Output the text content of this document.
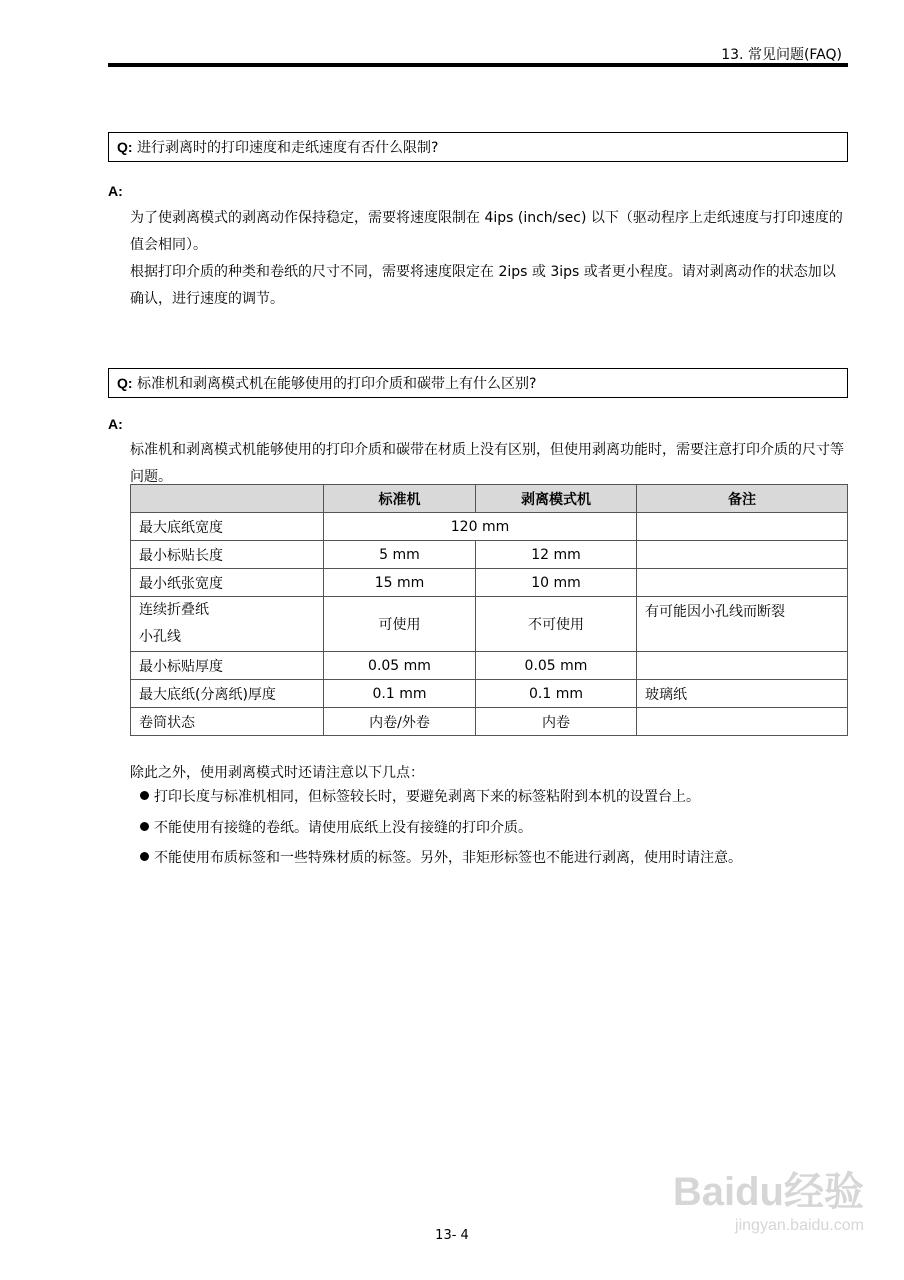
13. 常见问题(FAQ)
Q: 进行剥离时的打印速度和走纸速度有否什么限制?
A:
为了使剥离模式的剥离动作保持稳定，需要将速度限制在 4ips (inch/sec) 以下（驱动程序上走纸速度与打印速度的值会相同）。
根据打印介质的种类和卷纸的尺寸不同，需要将速度限定在 2ips 或 3ips 或者更小程度。请对剥离动作的状态加以确认，进行速度的调节。
Q: 标准机和剥离模式机在能够使用的打印介质和碳带上有什么区别?
A:
标准机和剥离模式机能够使用的打印介质和碳带在材质上没有区别，但使用剥离功能时，需要注意打印介质的尺寸等问题。
	标准机	剥离模式机	备注
最大底纸宽度	120 mm		
最小标贴长度	5 mm	12 mm	
最小纸张宽度	15 mm	10 mm	
连续折叠纸
小孔线	可使用	不可使用	有可能因小孔线而断裂
最小标贴厚度	0.05 mm	0.05 mm	
最大底纸(分离纸)厚度	0.1 mm	0.1 mm	玻璃纸
卷筒状态	内卷/外卷	内卷	
除此之外，使用剥离模式时还请注意以下几点：
打印长度与标准机相同，但标签较长时，要避免剥离下来的标签粘附到本机的设置台上。
不能使用有接缝的卷纸。请使用底纸上没有接缝的打印介质。
不能使用布质标签和一些特殊材质的标签。另外，非矩形标签也不能进行剥离，使用时请注意。
Baidu经验
jingyan.baidu.com
13- 4
